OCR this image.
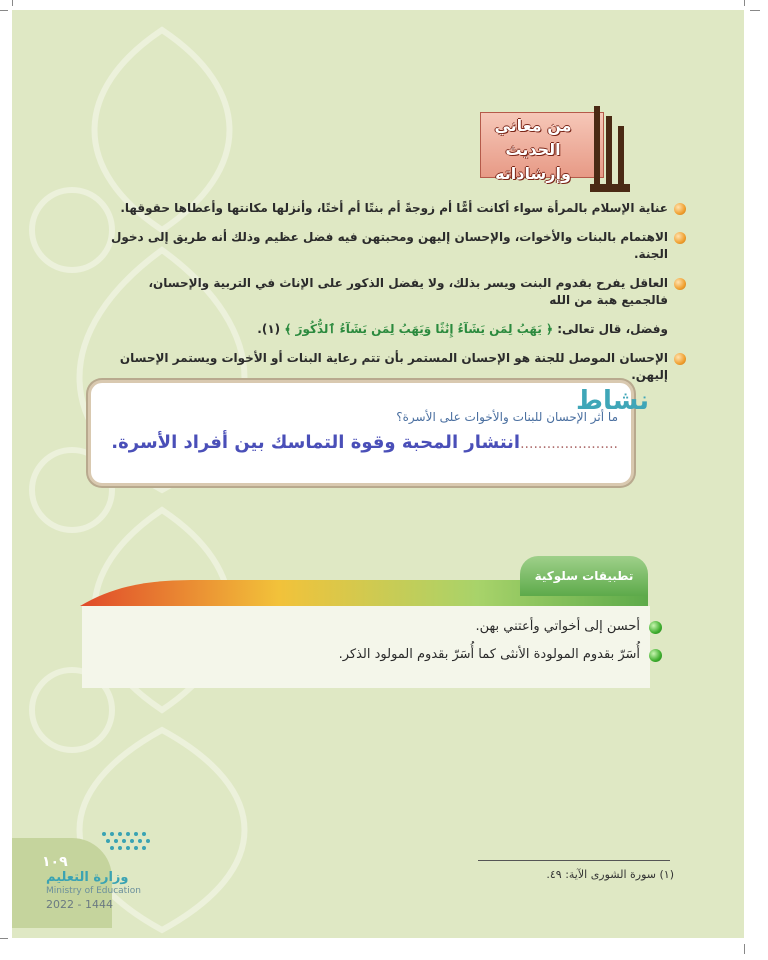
من معاني الحديث وإرشاداته
عناية الإسلام بالمرأة سواء أكانت أمًّا أم زوجةً أم بنتًا أم أختًا، وأنزلها مكانتها وأعطاها حقوقها.
الاهتمام بالبنات والأخوات، والإحسان إليهن ومحبتهن فيه فضل عظيم وذلك أنه طريق إلى دخول الجنة.
العاقل يفرح بقدوم البنت ويسر بذلك، ولا يفضل الذكور على الإناث في التربية والإحسان، فالجميع هبة من الله
وفضل، قال تعالى: ﴿ يَهَبُ لِمَن يَشَآءُ إِنَٰثًا وَيَهَبُ لِمَن يَشَآءُ ٱلذُّكُورَ ﴾ (١).
الإحسان الموصل للجنة هو الإحسان المستمر بأن تتم رعاية البنات أو الأخوات ويستمر الإحسان إليهن.
نشاط
ما أثر الإحسان للبنات والأخوات على الأسرة؟
......................انتشار المحبة وقوة التماسك بين أفراد الأسرة.
تطبيقات سلوكية
أحسن إلى أخواتي وأعتني بهن.
أُسَرّ بقدوم المولودة الأنثى كما أُسَرّ بقدوم المولود الذكر.
(١) سورة الشورى الآية: ٤٩.
١٠٩
وزارة التعليم
Ministry of Education
2022 - 1444
